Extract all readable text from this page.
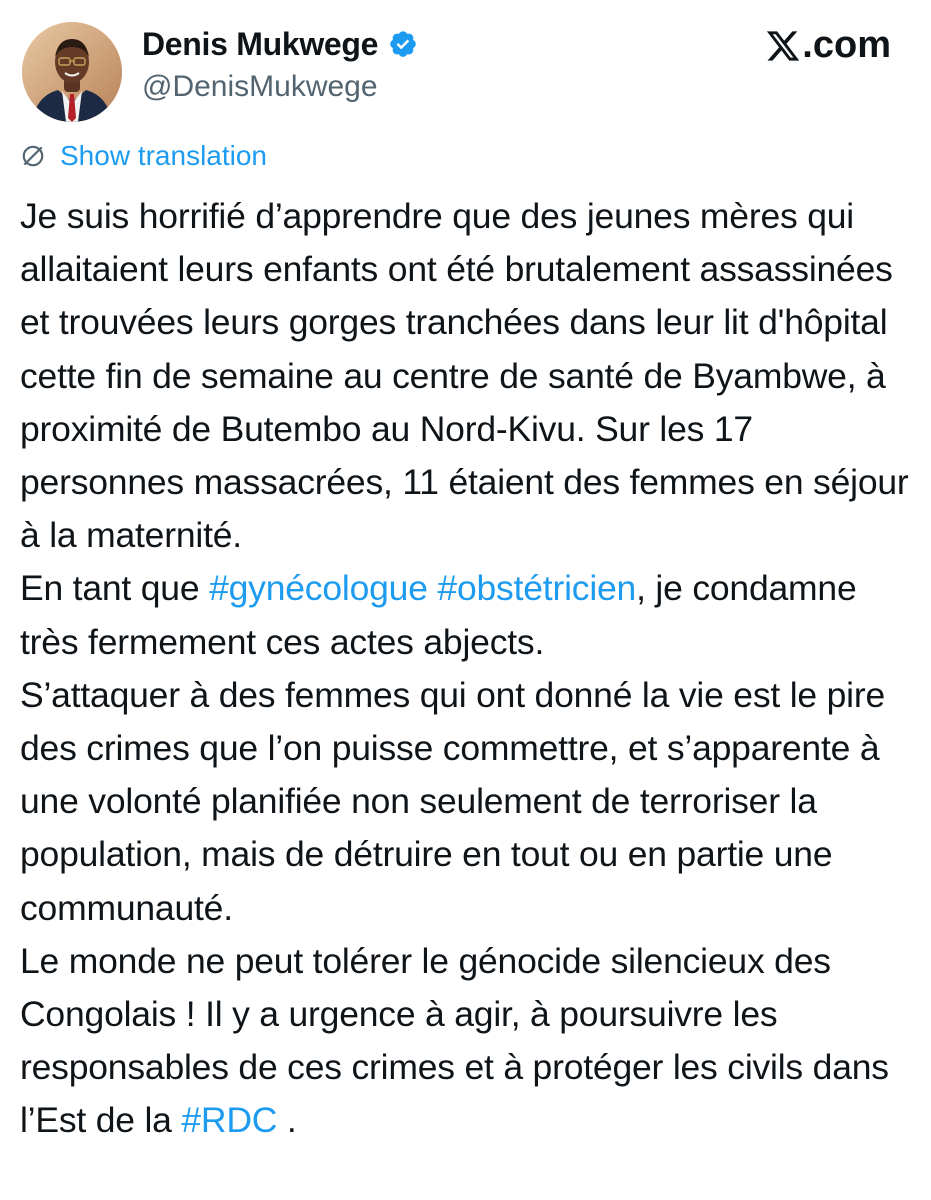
Denis Mukwege
@DenisMukwege
.com
Show translation

Je suis horrifié d’apprendre que des jeunes mères qui allaitaient leurs enfants ont été brutalement assassinées et trouvées leurs gorges tranchées dans leur lit d'hôpital cette fin de semaine au centre de santé de Byambwe, à proximité de Butembo au Nord-Kivu. Sur les 17 personnes massacrées, 11 étaient des femmes en séjour à la maternité.

En tant que #gynécologue #obstétricien, je condamne très fermement ces actes abjects.

S’attaquer à des femmes qui ont donné la vie est le pire des crimes que l’on puisse commettre, et s’apparente à une volonté planifiée non seulement de terroriser la population, mais de détruire en tout ou en partie une communauté.

Le monde ne peut tolérer le génocide silencieux des Congolais ! Il y a urgence à agir, à poursuivre les responsables de ces crimes et à protéger les civils dans l’Est de la #RDC .
